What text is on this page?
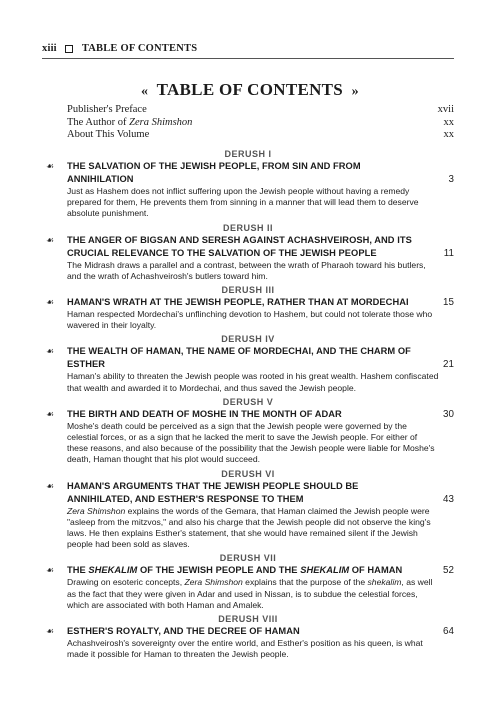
xiii TABLE OF CONTENTS
« TABLE OF CONTENTS »
Publisher's Preface	xvii
The Author of Zera Shimshon	xx
About This Volume	xx
DERUSH I
☙ THE SALVATION OF THE JEWISH PEOPLE, FROM SIN AND FROM ANNIHILATION	3
Just as Hashem does not inflict suffering upon the Jewish people without having a remedy prepared for them, He prevents them from sinning in a manner that will lead them to deserve absolute punishment.
DERUSH II
☙ THE ANGER OF BIGSAN AND SERESH AGAINST ACHASHVEIROSH, AND ITS CRUCIAL RELEVANCE TO THE SALVATION OF THE JEWISH PEOPLE	11
The Midrash draws a parallel and a contrast, between the wrath of Pharaoh toward his butlers, and the wrath of Achashveirosh's butlers toward him.
DERUSH III
☙ HAMAN'S WRATH AT THE JEWISH PEOPLE, RATHER THAN AT MORDECHAI	15
Haman respected Mordechai's unflinching devotion to Hashem, but could not tolerate those who wavered in their loyalty.
DERUSH IV
☙ THE WEALTH OF HAMAN, THE NAME OF MORDECHAI, AND THE CHARM OF ESTHER	21
Haman's ability to threaten the Jewish people was rooted in his great wealth. Hashem confiscated that wealth and awarded it to Mordechai, and thus saved the Jewish people.
DERUSH V
☙ THE BIRTH AND DEATH OF MOSHE IN THE MONTH OF ADAR	30
Moshe's death could be perceived as a sign that the Jewish people were governed by the celestial forces, or as a sign that he lacked the merit to save the Jewish people. For either of these reasons, and also because of the possibility that the Jewish people were liable for Moshe's death, Haman thought that his plot would succeed.
DERUSH VI
☙ HAMAN'S ARGUMENTS THAT THE JEWISH PEOPLE SHOULD BE ANNIHILATED, AND ESTHER'S RESPONSE TO THEM	43
Zera Shimshon explains the words of the Gemara, that Haman claimed the Jewish people were "asleep from the mitzvos," and also his charge that the Jewish people did not observe the king's laws. He then explains Esther's statement, that she would have remained silent if the Jewish people had been sold as slaves.
DERUSH VII
☙ THE SHEKALIM OF THE JEWISH PEOPLE AND THE SHEKALIM OF HAMAN	52
Drawing on esoteric concepts, Zera Shimshon explains that the purpose of the shekalim, as well as the fact that they were given in Adar and used in Nissan, is to subdue the celestial forces, which are associated with both Haman and Amalek.
DERUSH VIII
☙ ESTHER'S ROYALTY, AND THE DECREE OF HAMAN	64
Achashveirosh's sovereignty over the entire world, and Esther's position as his queen, is what made it possible for Haman to threaten the Jewish people.
